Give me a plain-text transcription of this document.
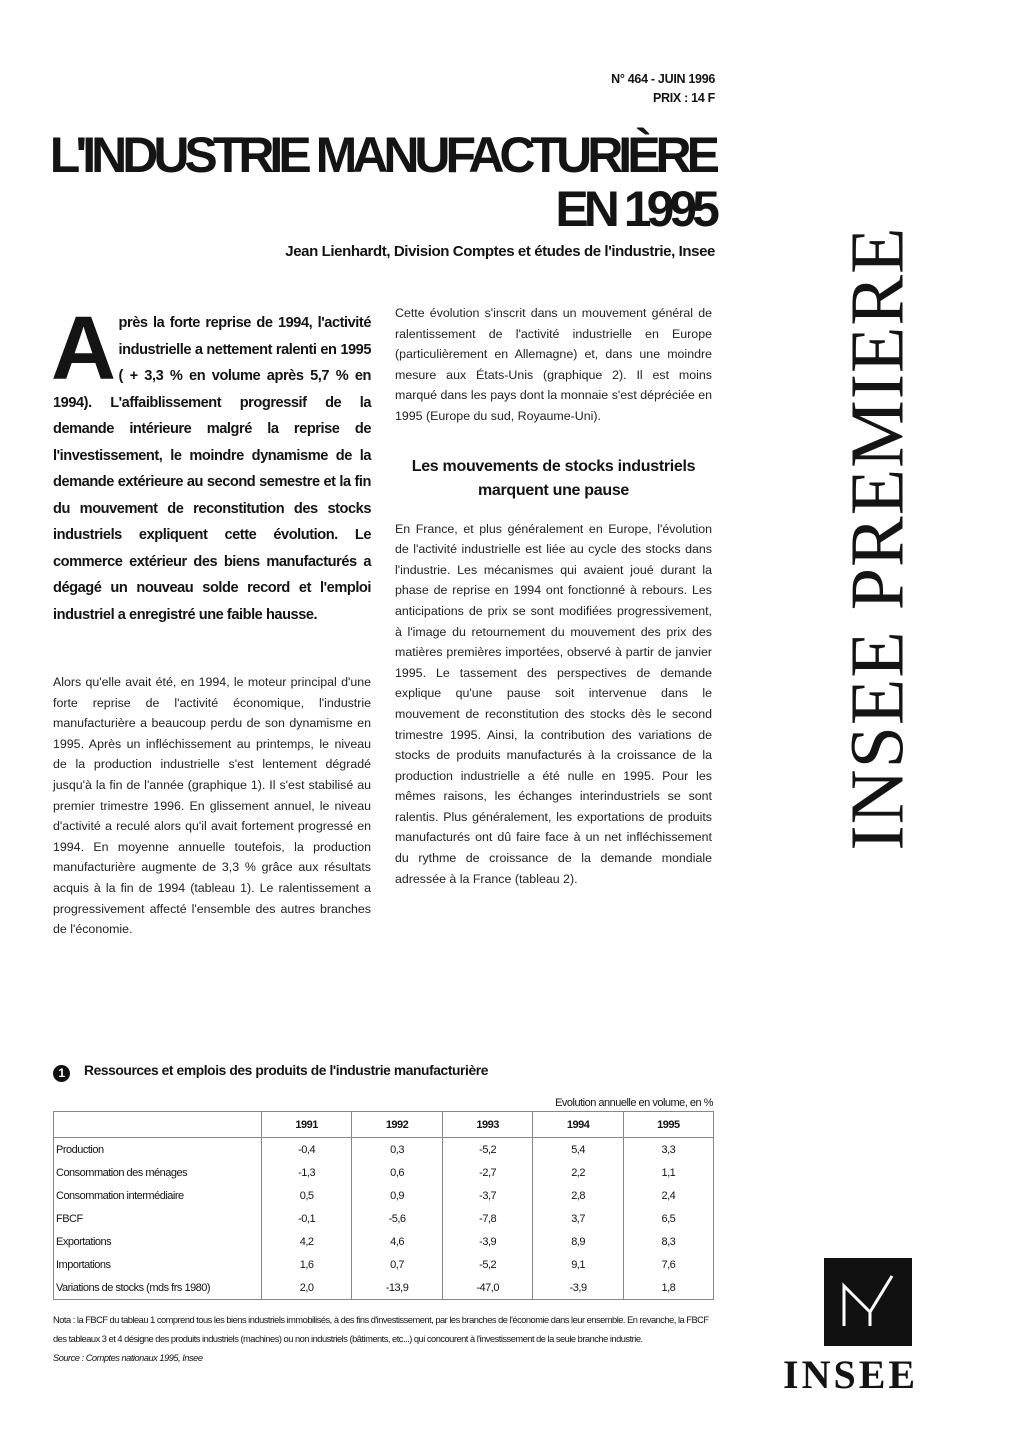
N° 464 - JUIN 1996
PRIX : 14 F
L'INDUSTRIE MANUFACTURIÈRE
EN 1995
Jean Lienhardt, Division Comptes et études de l'industrie, Insee

Après la forte reprise de 1994, l'activité industrielle a nettement ralenti en 1995 ( + 3,3 % en volume après 5,7 % en 1994). L'affaiblissement progressif de la demande intérieure malgré la reprise de l'investissement, le moindre dynamisme de la demande extérieure au second semestre et la fin du mouvement de reconstitution des stocks industriels expliquent cette évolution. Le commerce extérieur des biens manufacturés a dégagé un nouveau solde record et l'emploi industriel a enregistré une faible hausse.

Alors qu'elle avait été, en 1994, le moteur principal d'une forte reprise de l'activité économique, l'industrie manufacturière a beaucoup perdu de son dynamisme en 1995. Après un infléchissement au printemps, le niveau de la production industrielle s'est lentement dégradé jusqu'à la fin de l'année (graphique 1). Il s'est stabilisé au premier trimestre 1996. En glissement annuel, le niveau d'activité a reculé alors qu'il avait fortement progressé en 1994. En moyenne annuelle toutefois, la production manufacturière augmente de 3,3 % grâce aux résultats acquis à la fin de 1994 (tableau 1). Le ralentissement a progressivement affecté l'ensemble des autres branches de l'économie.

Cette évolution s'inscrit dans un mouvement général de ralentissement de l'activité industrielle en Europe (particulièrement en Allemagne) et, dans une moindre mesure aux États-Unis (graphique 2). Il est moins marqué dans les pays dont la monnaie s'est dépréciée en 1995 (Europe du sud, Royaume-Uni).

Les mouvements de stocks industriels marquent une pause

En France, et plus généralement en Europe, l'évolution de l'activité industrielle est liée au cycle des stocks dans l'industrie. Les mécanismes qui avaient joué durant la phase de reprise en 1994 ont fonctionné à rebours. Les anticipations de prix se sont modifiées progressivement, à l'image du retournement du mouvement des prix des matières premières importées, observé à partir de janvier 1995. Le tassement des perspectives de demande explique qu'une pause soit intervenue dans le mouvement de reconstitution des stocks dès le second trimestre 1995. Ainsi, la contribution des variations de stocks de produits manufacturés à la croissance de la production industrielle a été nulle en 1995. Pour les mêmes raisons, les échanges interindustriels se sont ralentis. Plus généralement, les exportations de produits manufacturés ont dû faire face à un net infléchissement du rythme de croissance de la demande mondiale adressée à la France (tableau 2).

INSEE PREMIERE
1 Ressources et emplois des produits de l'industrie manufacturière
Evolution annuelle en volume, en %
	1991	1992	1993	1994	1995
Production	-0,4	0,3	-5,2	5,4	3,3
Consommation des ménages	-1,3	0,6	-2,7	2,2	1,1
Consommation intermédiaire	0,5	0,9	-3,7	2,8	2,4
FBCF	-0,1	-5,6	-7,8	3,7	6,5
Exportations	4,2	4,6	-3,9	8,9	8,3
Importations	1,6	0,7	-5,2	9,1	7,6
Variations de stocks (mds frs 1980)	2,0	-13,9	-47,0	-3,9	1,8

Nota : la FBCF du tableau 1 comprend tous les biens industriels immobilisés, à des fins d'investissement, par les branches de l'économie dans leur ensemble. En revanche, la FBCF des tableaux 3 et 4 désigne des produits industriels (machines) ou non industriels (bâtiments, etc...) qui concourent à l'investissement de la seule branche industrie.

Source : Comptes nationaux 1995, Insee	INSEE
